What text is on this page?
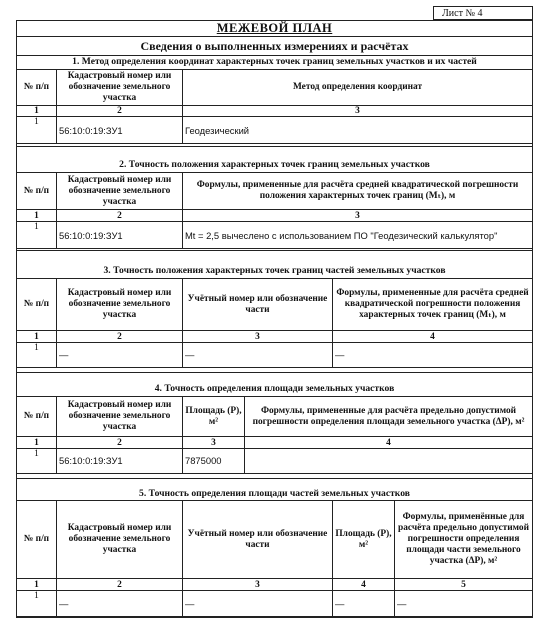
Лист № 4
МЕЖЕВОЙ ПЛАН
Сведения о выполненных измерениях и расчётах
1. Метод определения координат характерных точек границ земельных участков и их частей
№ п/п	Кадастровый номер или обозначение земельного участка	Метод определения координат
1	2	3
1	56:10:0:19:ЗУ1	Геодезический
2. Точность положения характерных точек границ земельных участков
№ п/п	Кадастровый номер или обозначение земельного участка	Формулы, примененные для расчёта средней квадратической погрешности положения характерных точек границ (Mₜ), м
1	2	3
1	56:10:0:19:ЗУ1	Mt = 2,5 вычеслено с использованием ПО "Геодезический калькулятор"
3. Точность положения характерных точек границ частей земельных участков
№ п/п	Кадастровый номер или обозначение земельного участка	Учётный номер или обозначение части	Формулы, примененные для расчёта средней квадратической погрешности положения характерных точек границ (Mₜ), м
1	2	3	4
1	—	—	—
4. Точность определения площади земельных участков
№ п/п	Кадастровый номер или обозначение земельного участка	Площадь (P), м²	Формулы, примененные для расчёта предельно допустимой погрешности определения площади земельного участка (ΔP), м²
1	2	3	4
1	56:10:0:19:ЗУ1	7875000	
5. Точность определения площади частей земельных участков
№ п/п	Кадастровый номер или обозначение земельного участка	Учётный номер или обозначение части	Площадь (P), м²	Формулы, применённые для расчёта предельно допустимой погрешности определения площади части земельного участка (ΔP), м²
1	2	3	4	5
1	—	—	—	—
